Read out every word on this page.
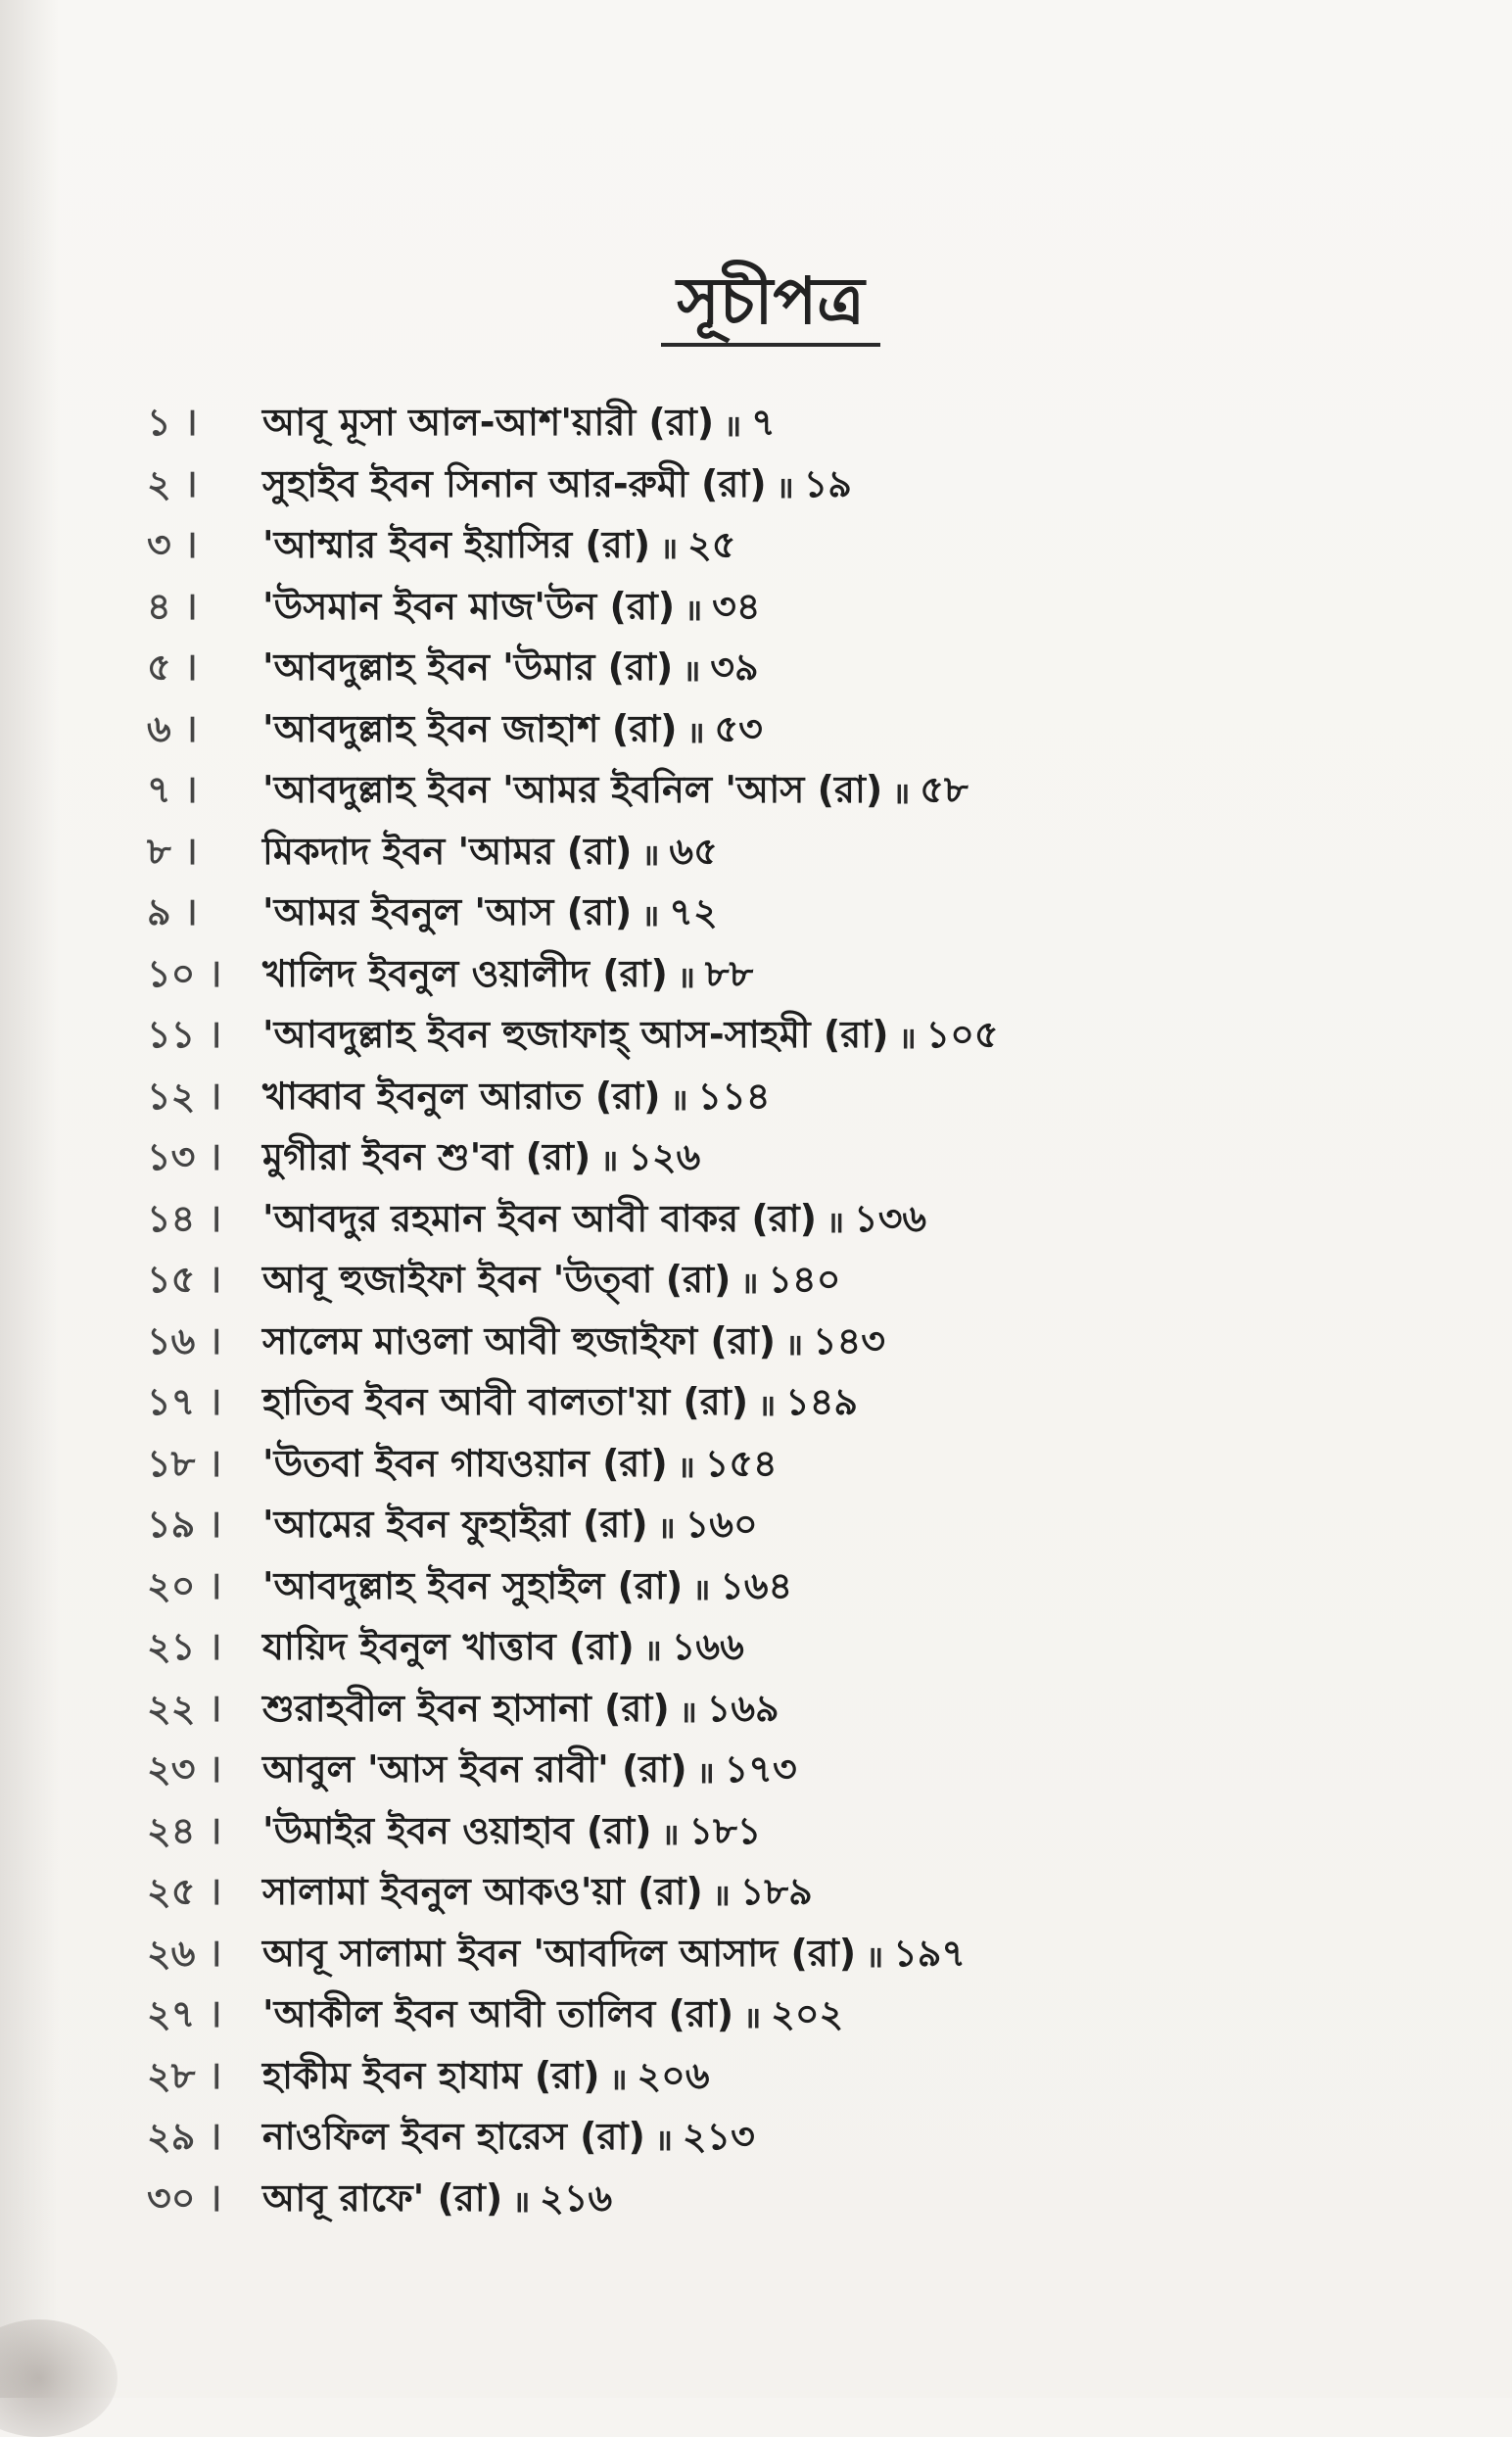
সূচীপত্র
১ ।	আবূ মূসা আল-আশ'য়ারী (রা) ॥ ৭
২ ।	সুহাইব ইবন সিনান আর-রুমী (রা) ॥ ১৯
৩ ।	'আম্মার ইবন ইয়াসির (রা) ॥ ২৫
৪ ।	'উসমান ইবন মাজ'উন (রা) ॥ ৩৪
৫ ।	'আবদুল্লাহ ইবন 'উমার (রা) ॥ ৩৯
৬ ।	'আবদুল্লাহ ইবন জাহাশ (রা) ॥ ৫৩
৭ ।	'আবদুল্লাহ ইবন 'আমর ইবনিল 'আস (রা) ॥ ৫৮
৮ ।	মিকদাদ ইবন 'আমর (রা) ॥ ৬৫
৯ ।	'আমর ইবনুল 'আস (রা) ॥ ৭২
১০ ।	খালিদ ইবনুল ওয়ালীদ (রা) ॥ ৮৮
১১ ।	'আবদুল্লাহ ইবন হুজাফাহ্ আস-সাহমী (রা) ॥ ১০৫
১২ ।	খাব্বাব ইবনুল আরাত (রা) ॥ ১১৪
১৩ ।	মুগীরা ইবন শু'বা (রা) ॥ ১২৬
১৪ ।	'আবদুর রহমান ইবন আবী বাকর (রা) ॥ ১৩৬
১৫ ।	আবূ হুজাইফা ইবন 'উত্‌বা (রা) ॥ ১৪০
১৬ ।	সালেম মাওলা আবী হুজাইফা (রা) ॥ ১৪৩
১৭ ।	হাতিব ইবন আবী বালতা'য়া (রা) ॥ ১৪৯
১৮ ।	'উতবা ইবন গাযওয়ান (রা) ॥ ১৫৪
১৯ ।	'আমের ইবন ফুহাইরা (রা) ॥ ১৬০
২০ ।	'আবদুল্লাহ ইবন সুহাইল (রা) ॥ ১৬৪
২১ ।	যায়িদ ইবনুল খাত্তাব (রা) ॥ ১৬৬
২২ ।	শুরাহবীল ইবন হাসানা (রা) ॥ ১৬৯
২৩ ।	আবুল 'আস ইবন রাবী' (রা) ॥ ১৭৩
২৪ ।	'উমাইর ইবন ওয়াহাব (রা) ॥ ১৮১
২৫ ।	সালামা ইবনুল আকও'য়া (রা) ॥ ১৮৯
২৬ ।	আবূ সালামা ইবন 'আবদিল আসাদ (রা) ॥ ১৯৭
২৭ ।	'আকীল ইবন আবী তালিব (রা) ॥ ২০২
২৮ ।	হাকীম ইবন হাযাম (রা) ॥ ২০৬
২৯ ।	নাওফিল ইবন হারেস (রা) ॥ ২১৩
৩০ ।	আবূ রাফে' (রা) ॥ ২১৬
